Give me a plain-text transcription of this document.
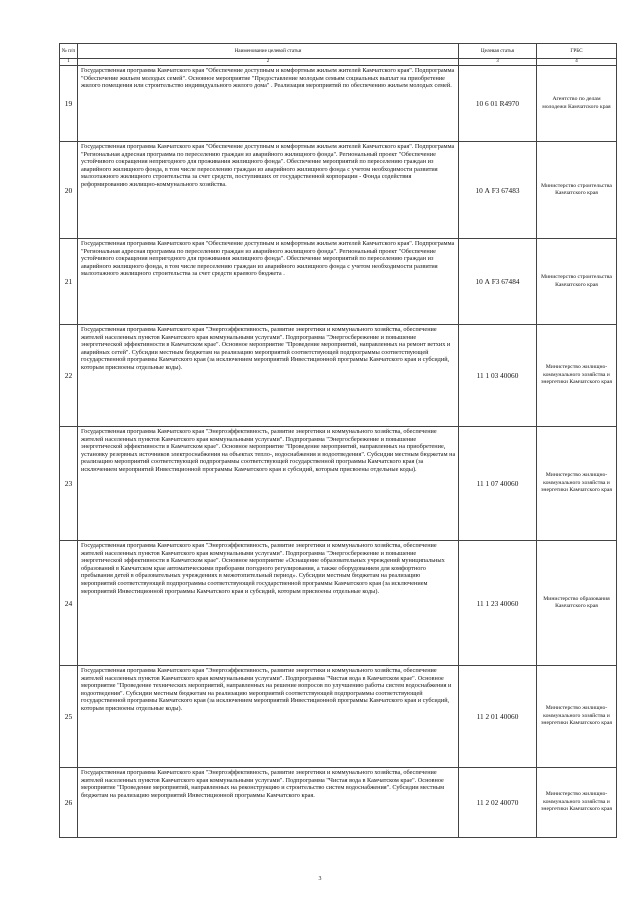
№ п/п	Наименование целевой статьи	Целевая статья	ГРБС
1	2	3	4
19	Государственная программа Камчатского края "Обеспечение доступным и комфортным жильем жителей Камчатского края". Подпрограмма "Обеспечение жильем молодых семей". Основное мероприятие "Предоставление молодым семьям социальных выплат на приобретение жилого помещения или строительство индивидуального жилого дома" . Реализация мероприятий по обеспечению жильем молодых семей.	10 6 01 R4970	Агентство по делам молодежи Камчатского края
20	Государственная программа Камчатского края "Обеспечение доступным и комфортным жильем жителей Камчатского края". Подпрограмма "Региональная адресная программа по переселению граждан из аварийного жилищного фонда". Региональный проект "Обеспечение устойчивого сокращения непригодного для проживания жилищного фонда". Обеспечение мероприятий по переселению граждан из аварийного жилищного фонда, в том числе переселению граждан из аварийного жилищного фонда с учетом необходимости развития малоэтажного жилищного строительства за счет средств, поступивших от государственной корпорации - Фонда содействия реформированию жилищно-коммунального хозяйства.	10 А F3 67483	Министерство строительства Камчатского края
21	Государственная программа Камчатского края "Обеспечение доступным и комфортным жильем жителей Камчатского края". Подпрограмма "Региональная адресная программа по переселению граждан из аварийного жилищного фонда". Региональный проект "Обеспечение устойчивого сокращения непригодного для проживания жилищного фонда". Обеспечение мероприятий по переселению граждан из аварийного жилищного фонда, в том числе переселению граждан из аварийного жилищного фонда с учетом необходимости развития малоэтажного жилищного строительства за счет средств краевого бюджета .	10 А F3 67484	Министерство строительства Камчатского края
22	Государственная программа Камчатского края "Энергоэффективность, развитие энергетики и коммунального хозяйства, обеспечение жителей населенных пунктов Камчатского края коммунальными услугами". Подпрограмма "Энергосбережение и повышение энергетической эффективности в Камчатском крае". Основное мероприятие "Проведение мероприятий, направленных на ремонт ветхих и аварийных сетей". Субсидии местным бюджетам на реализацию мероприятий соответствующей подпрограммы соответствующей государственной программы Камчатского края (за исключением мероприятий Инвестиционной программы Камчатского края и субсидий, которым присвоены отдельные коды).	11 1 03 40060	Министерство жилищно-коммунального хозяйства и энергетики Камчатского края
23	Государственная программа Камчатского края "Энергоэффективность, развитие энергетики и коммунального хозяйства, обеспечение жителей населенных пунктов Камчатского края коммунальными услугами". Подпрограмма "Энергосбережение и повышение энергетической эффективности в Камчатском крае". Основное мероприятие "Проведение мероприятий, направленных на приобретение, установку резервных источников электроснабжения на объектах тепло-, водоснабжения и водоотведения". Субсидии местным бюджетам на реализацию мероприятий соответствующей подпрограммы соответствующей государственной программы Камчатского края (за исключением мероприятий Инвестиционной программы Камчатского края и субсидий, которым присвоены отдельные коды).	11 1 07 40060	Министерство жилищно-коммунального хозяйства и энергетики Камчатского края
24	Государственная программа Камчатского края "Энергоэффективность, развитие энергетики и коммунального хозяйства, обеспечение жителей населенных пунктов Камчатского края коммунальными услугами". Подпрограмма "Энергосбережение и повышение энергетической эффективности в Камчатском крае". Основное мероприятие «Оснащение образовательных учреждений муниципальных образований в Камчатском крае автоматическими приборами погодного регулирования, а также оборудованием для комфортного пребывания детей в образовательных учреждениях в межотопительный период». Субсидии местным бюджетам на реализацию мероприятий соответствующей подпрограммы соответствующей государственной программы Камчатского края (за исключением мероприятий Инвестиционной программы Камчатского края и субсидий, которым присвоены отдельные коды).	11 1 23 40060	Министерство образования Камчатского края
25	Государственная программа Камчатского края "Энергоэффективность, развитие энергетики и коммунального хозяйства, обеспечение жителей населенных пунктов Камчатского края коммунальными услугами". Подпрограмма "Чистая вода в Камчатском крае". Основное мероприятие "Проведение технических мероприятий, направленных на решение вопросов по улучшению работы систем водоснабжения и водоотведения". Субсидии местным бюджетам на реализацию мероприятий соответствующей подпрограммы соответствующей государственной программы Камчатского края (за исключением мероприятий Инвестиционной программы Камчатского края и субсидий, которым присвоены отдельные коды).	11 2 01 40060	Министерство жилищно-коммунального хозяйства и энергетики Камчатского края
26	Государственная программа Камчатского края "Энергоэффективность, развитие энергетики и коммунального хозяйства, обеспечение жителей населенных пунктов Камчатского края коммунальными услугами". Подпрограмма "Чистая вода в Камчатском крае". Основное мероприятие "Проведение мероприятий, направленных на реконструкцию и строительство систем водоснабжения". Субсидии местным бюджетам на реализацию мероприятий Инвестиционной программы Камчатского края.	11 2 02 40070	Министерство жилищно-коммунального хозяйства и энергетики Камчатского края
3
